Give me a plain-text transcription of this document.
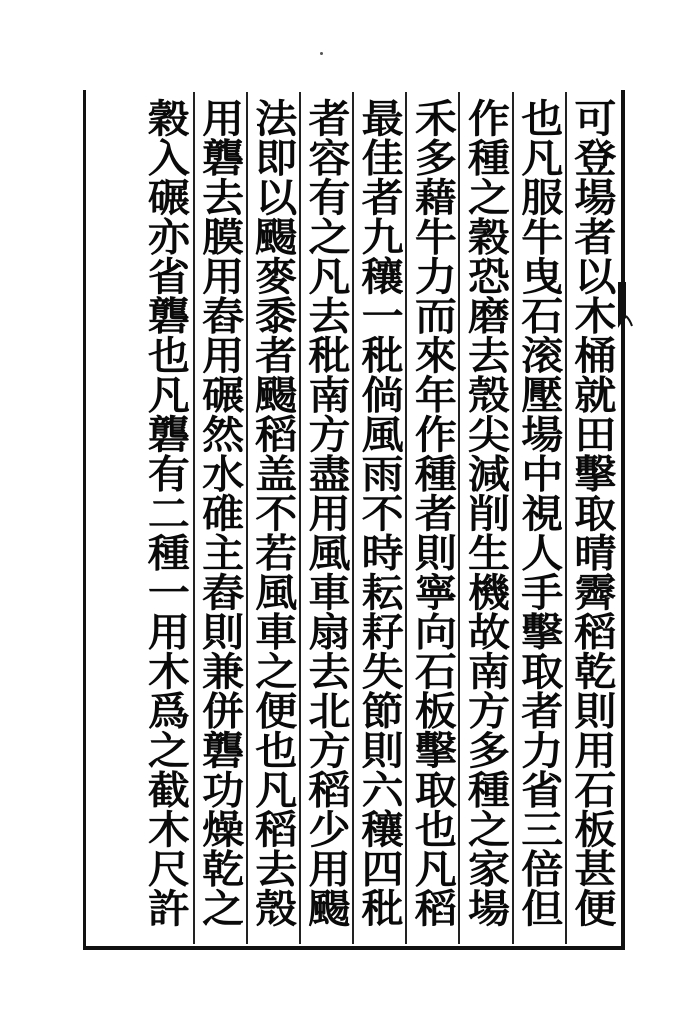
可登場者以木桶就田擊取晴霽稻乾則用石板甚便
也凡服牛曳石滚壓場中視人手擊取者力省三倍但
作種之穀恐磨去殼尖減削生機故南方多種之家場
禾多藉牛力而來年作種者則寧向石板擊取也凡稻
最佳者九穰一秕倘風雨不時耘耔失節則六穰四秕
者容有之凡去秕南方盡用風車扇去北方稻少用颺
法即以颺麥黍者颺稻盖不若風車之便也凡稻去殼
用礱去膜用舂用碾然水碓主舂則兼併礱功燥乾之
穀入碾亦省礱也凡礱有二種一用木爲之截木尺許
